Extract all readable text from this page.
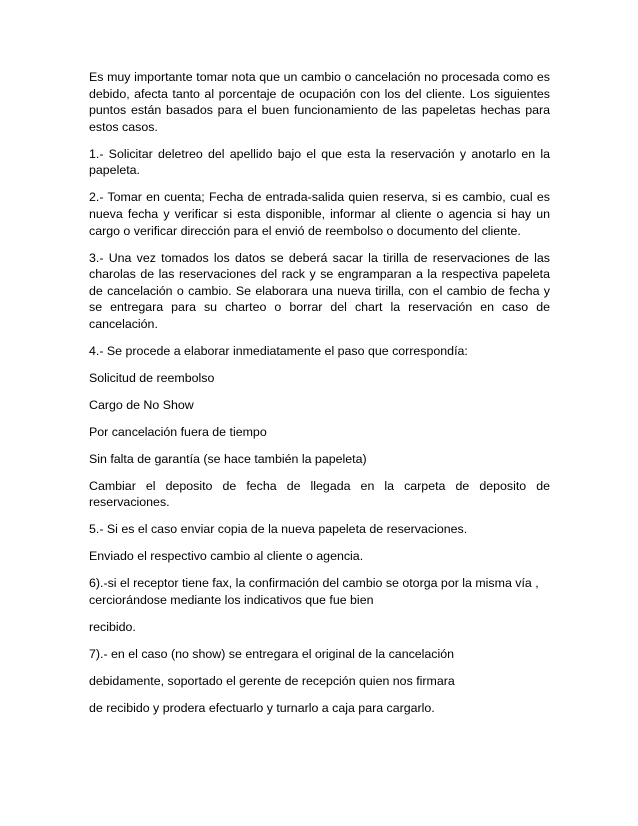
Es muy importante tomar nota que un cambio o cancelación no procesada como es debido, afecta tanto al porcentaje de ocupación con los del cliente. Los siguientes puntos están basados para el buen funcionamiento de las papeletas hechas para estos casos.

1.- Solicitar deletreo del apellido bajo el que esta la reservación y anotarlo en la papeleta.

2.- Tomar en cuenta; Fecha de entrada-salida quien reserva, si es cambio, cual es nueva fecha y verificar si esta disponible, informar al cliente o agencia si hay un cargo o verificar dirección para el envió de reembolso o documento del cliente.

3.- Una vez tomados los datos se deberá sacar la tirilla de reservaciones de las charolas de las reservaciones del rack y se engramparan a la respectiva papeleta de cancelación o cambio. Se elaborara una nueva tirilla, con el cambio de fecha y se entregara para su charteo o borrar del chart la reservación en caso de cancelación.

4.- Se procede a elaborar inmediatamente el paso que correspondía:

Solicitud de reembolso

Cargo de No Show

Por cancelación fuera de tiempo

Sin falta de garantía (se hace también la papeleta)

Cambiar el deposito de fecha de llegada en la carpeta de deposito de reservaciones.

5.- Si es el caso enviar copia de la nueva papeleta de reservaciones.

Enviado el respectivo cambio al cliente o agencia.

6).-si el receptor tiene fax, la confirmación del cambio se otorga por la misma vía , cerciorándose mediante los indicativos que fue bien

recibido.

7).- en el caso (no show) se entregara el original de la cancelación

debidamente, soportado el gerente de recepción quien nos firmara

de recibido y prodera efectuarlo y turnarlo a caja para cargarlo.
